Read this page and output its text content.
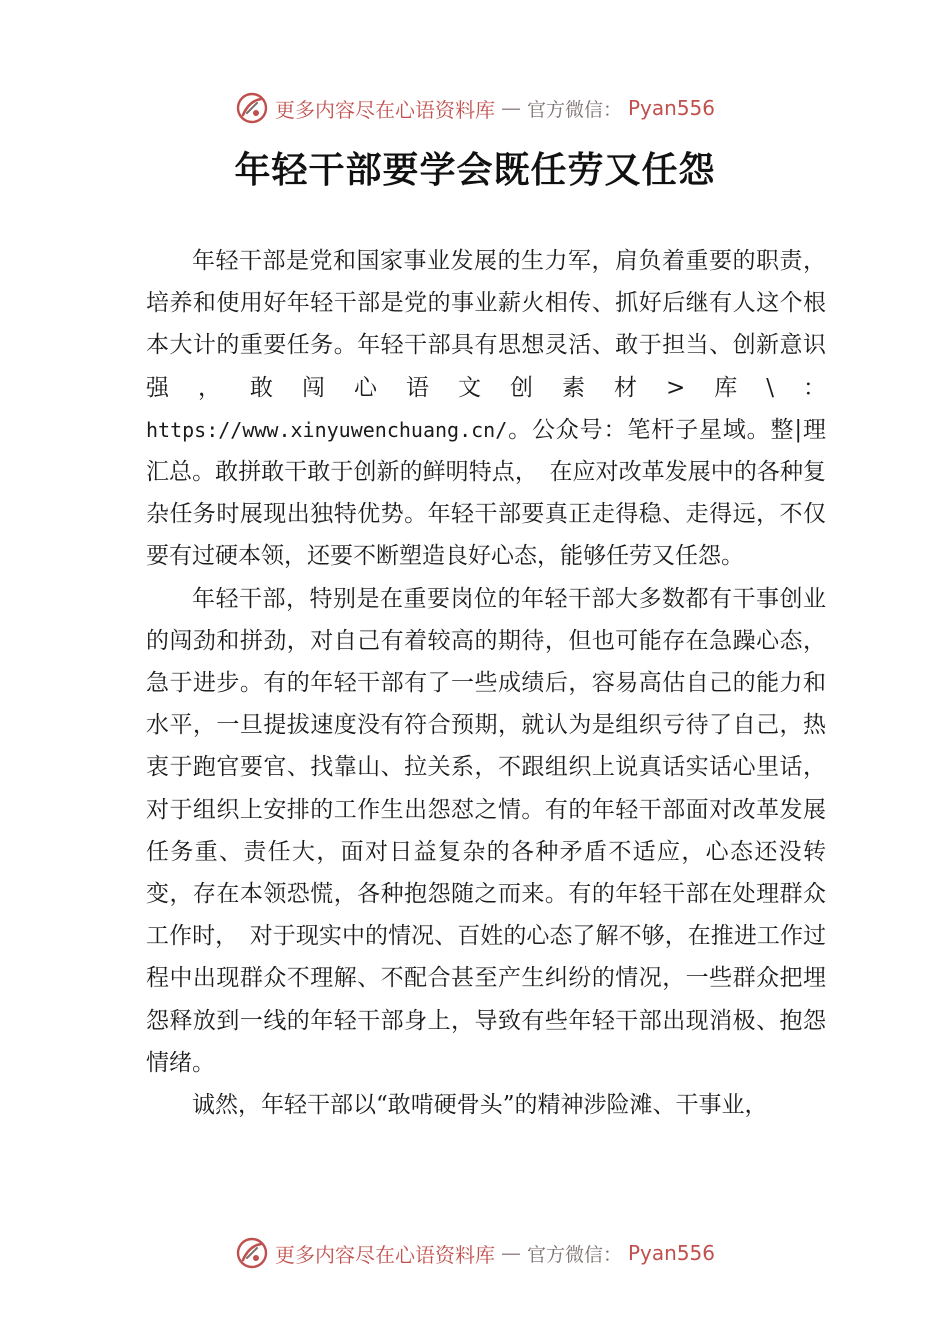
更多内容尽在心语资料库 — 官方微信： Pyan556
年轻干部要学会既任劳又任怨

年轻干部是党和国家事业发展的生力军，肩负着重要的职责，培养和使用好年轻干部是党的事业薪火相传、抓好后继有人这个根本大计的重要任务。年轻干部具有思想灵活、敢于担当、创新意识强，敢闯心语文创素材>库\：https://www.xinyuwenchuang.cn/。公众号：笔杆子星域。整|理汇总。敢拼敢干敢于创新的鲜明特点，　在应对改革发展中的各种复杂任务时展现出独特优势。年轻干部要真正走得稳、走得远，不仅要有过硬本领，还要不断塑造良好心态，能够任劳又任怨。

年轻干部，特别是在重要岗位的年轻干部大多数都有干事创业的闯劲和拼劲，对自己有着较高的期待，但也可能存在急躁心态，急于进步。有的年轻干部有了一些成绩后，容易高估自己的能力和水平，一旦提拔速度没有符合预期，就认为是组织亏待了自己，热衷于跑官要官、找靠山、拉关系，不跟组织上说真话实话心里话，对于组织上安排的工作生出怨怼之情。有的年轻干部面对改革发展任务重、责任大，面对日益复杂的各种矛盾不适应，心态还没转变，存在本领恐慌，各种抱怨随之而来。有的年轻干部在处理群众工作时，　对于现实中的情况、百姓的心态了解不够，在推进工作过程中出现群众不理解、不配合甚至产生纠纷的情况，一些群众把埋怨释放到一线的年轻干部身上，导致有些年轻干部出现消极、抱怨情绪。

诚然，年轻干部以“敢啃硬骨头”的精神涉险滩、干事业，

更多内容尽在心语资料库 — 官方微信： Pyan556
